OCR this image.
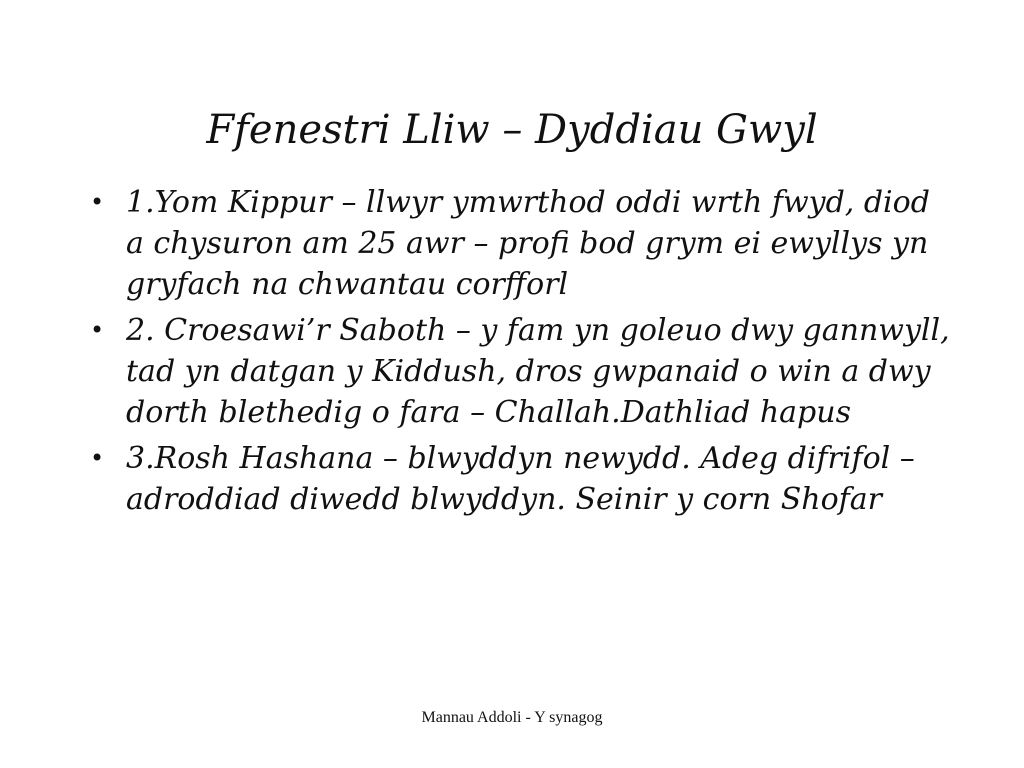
Ffenestri Lliw – Dyddiau Gwyl
• 1.Yom Kippur – llwyr ymwrthod oddi wrth fwyd, diod a chysuron am 25 awr – profi bod grym ei ewyllys yn gryfach na chwantau corfforl
• 2. Croesawi’r Saboth – y fam yn goleuo dwy gannwyll, tad yn datgan y Kiddush, dros gwpanaid o win a dwy dorth blethedig o fara – Challah.Dathliad hapus
• 3.Rosh Hashana – blwyddyn newydd. Adeg difrifol – adroddiad diwedd blwyddyn. Seinir y corn Shofar
Mannau Addoli - Y synagog
